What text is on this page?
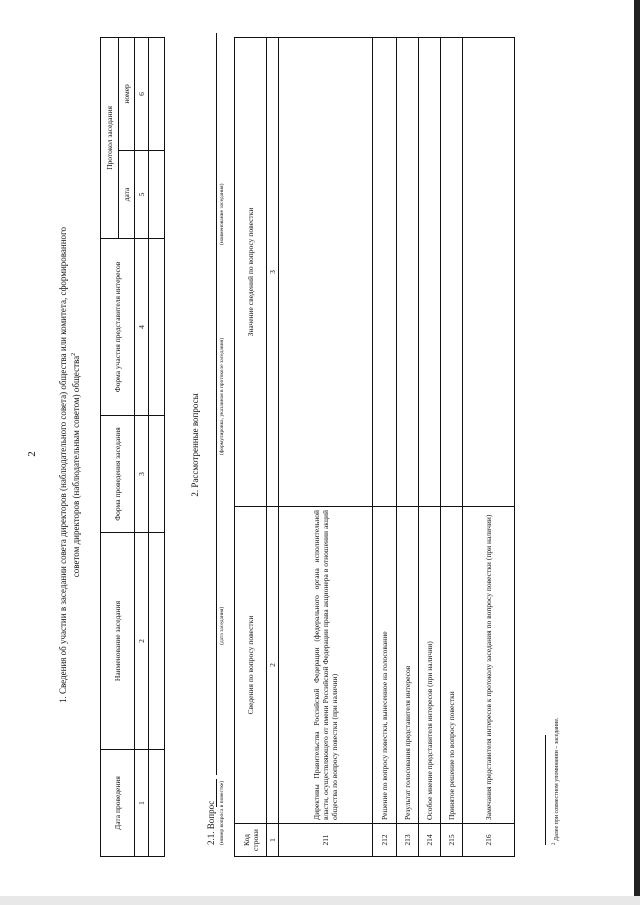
2 1. Сведения об участии в заседании совета директоров (наблюдательного совета) общества или комитета, сформированного советом директоров (наблюдательным советом) общества$^2$
Дата проведения	Наименование заседания	Форма проведения заседания	Форма участия представителя интересов	Протокол заседания	
				дата	номер
1	2	3	4	5	6

2. Рассмотренные вопросы
2.1. Вопрос (номер вопроса в повестке)
(дата заседания)
(формулировка, указанная в протоколе заседания)
(наименование заседания)
Код строки	Сведения по вопросу повестки	Значение сведений по вопросу повестки
1	2	3
211	Директивы Правительства Российской Федерации (федерального органа исполнительной власти, осуществляющего от имени Российской Федерации права акционера в отношении акций общества по вопросу повестки (при наличии)	
212	Решение по вопросу повестки, вынесенное на голосование	
213	Результат голосования представителя интересов	
214	Особое мнение представителя интересов (при наличии)	
215	Принятое решение по вопросу повестки	
216	Замечания представителя интересов к протоколу заседания по вопросу повестки (при наличии)	
$^2$ Далее при совместном упоминании – заседание.
